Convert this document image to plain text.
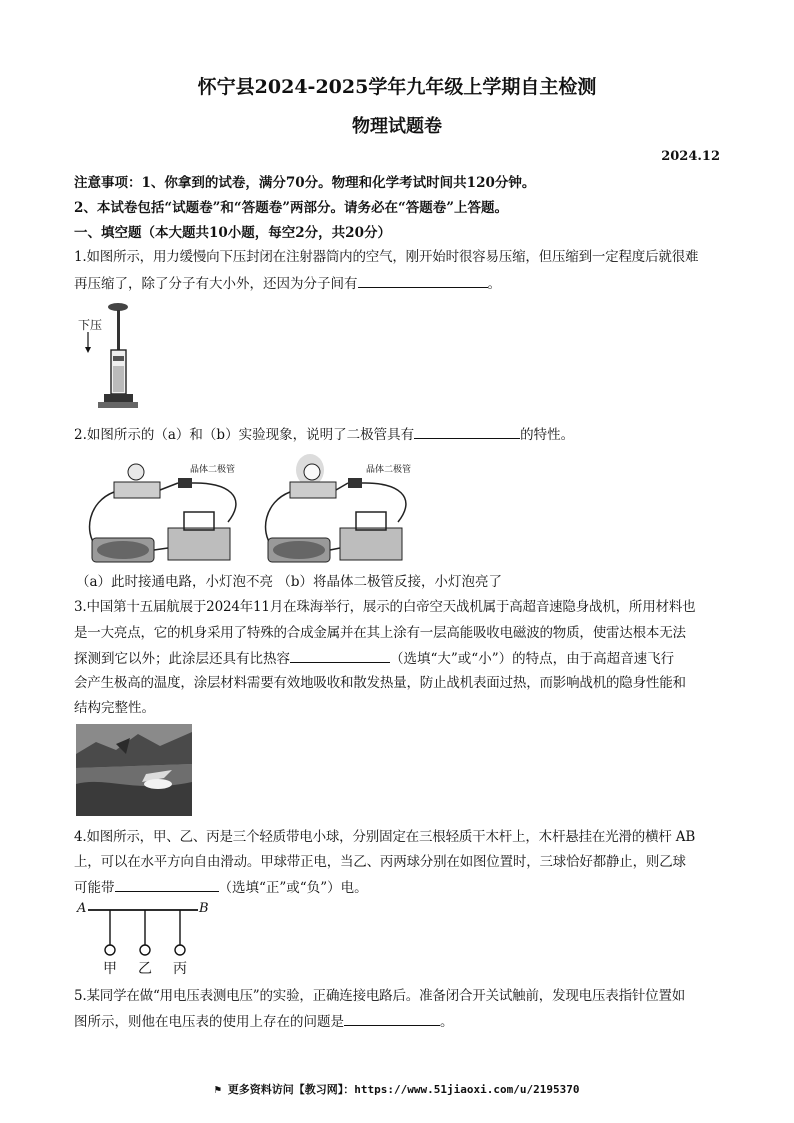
怀宁县2024-2025学年九年级上学期自主检测
物理试题卷
2024.12
注意事项：1、你拿到的试卷，满分70分。物理和化学考试时间共120分钟。
2、本试卷包括“试题卷”和“答题卷”两部分。请务必在“答题卷”上答题。
一、填空题（本大题共10小题，每空2分，共20分）
1.如图所示，用力缓慢向下压封闭在注射器筒内的空气，刚开始时很容易压缩，但压缩到一定程度后就很难
再压缩了，除了分子有大小外，还因为分子间有	。
下压
2.如图所示的（a）和（b）实验现象，说明了二极管具有	的特性。
晶体二极管	晶体二极管
（a）此时接通电路，小灯泡不亮 （b）将晶体二极管反接，小灯泡亮了
3.中国第十五届航展于2024年11月在珠海举行，展示的白帝空天战机属于高超音速隐身战机，所用材料也
是一大亮点，它的机身采用了特殊的合成金属并在其上涂有一层高能吸收电磁波的物质，使雷达根本无法
探测到它以外；此涂层还具有比热容	（选填“大”或“小”）的特点，由于高超音速飞行
会产生极高的温度，涂层材料需要有效地吸收和散发热量，防止战机表面过热，而影响战机的隐身性能和
结构完整性。
4.如图所示，甲、乙、丙是三个轻质带电小球，分别固定在三根轻质干木杆上，木杆悬挂在光滑的横杆 AB
上，可以在水平方向自由滑动。甲球带正电，当乙、丙两球分别在如图位置时，三球恰好都静止，则乙球
可能带	（选填“正”或“负”）电。
A	B
甲 乙 丙
5.某同学在做“用电压表测电压”的实验，正确连接电路后。准备闭合开关试触前，发现电压表指针位置如
图所示，则他在电压表的使用上存在的问题是	。
⚑ 更多资料访问【教习网】：https://www.51jiaoxi.com/u/2195370
